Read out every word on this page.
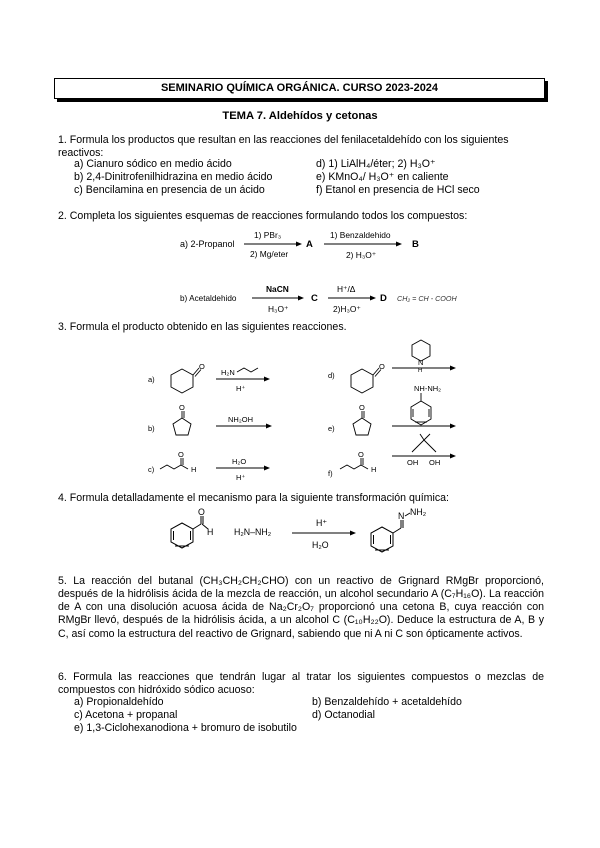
SEMINARIO QUÍMICA ORGÁNICA. CURSO 2023-2024
TEMA 7. Aldehídos y cetonas
1. Formula los productos que resultan en las reacciones del fenilacetaldehído con los siguientes reactivos:
a) Cianuro sódico en medio ácido
b) 2,4-Dinitrofenilhidrazina en medio ácido
c) Bencilamina en presencia de un ácido
d) 1) LiAlH₄/éter; 2) H₃O⁺
e) KMnO₄/ H₃O⁺ en caliente
f) Etanol en presencia de HCl seco
2. Completa los siguientes esquemas de reacciones formulando todos los compuestos:
a) 2-Propanol
1) PBr₃
2) Mg/eter
A
1) Benzaldehido
2) H₃O⁺
B
b) Acetaldehido
NaCN
H₃O⁺
C
H⁺/Δ
2)H₃O⁺
D CH₂ = CH - COOH
3. Formula el producto obtenido en las siguientes reacciones.
a)
O
H₂N
H⁺
b)
O
NH₂OH
c)
O
H
H₂O
H⁺
d)
O	N
H
e)
O
NH-NH₂
f)
O
H
OH OH
4. Formula detalladamente el mecanismo para la siguiente transformación química:
O
H H₂N–NH₂
H⁺
H₂O
N NH₂
5. La reacción del butanal (CH₃CH₂CH₂CHO) con un reactivo de Grignard RMgBr proporcionó, después de la hidrólisis ácida de la mezcla de reacción, un alcohol secundario A (C₇H₁₆O). La reacción de A con una disolución acuosa ácida de Na₂Cr₂O₇ proporcionó una cetona B, cuya reacción con RMgBr llevó, después de la hidrólisis ácida, a un alcohol C (C₁₀H₂₂O). Deduce la estructura de A, B y C, así como la estructura del reactivo de Grignard, sabiendo que ni A ni C son ópticamente activos.
6. Formula las reacciones que tendrán lugar al tratar los siguientes compuestos o mezclas de compuestos con hidróxido sódico acuoso:
a) Propionaldehído
c) Acetona + propanal
e) 1,3-Ciclohexanodiona + bromuro de isobutilo
b) Benzaldehído + acetaldehído
d) Octanodial
